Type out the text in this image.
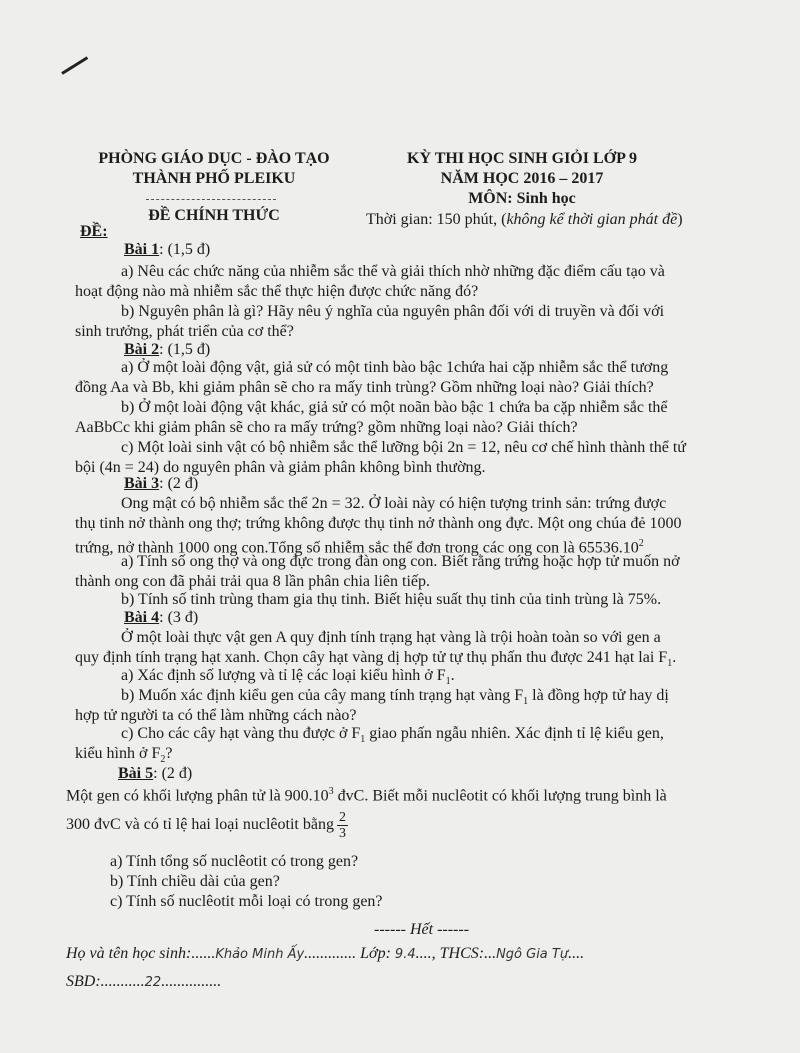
PHÒNG GIÁO DỤC - ĐÀO TẠO
THÀNH PHỐ PLEIKU
ĐỀ CHÍNH THỨC
ĐỀ:
KỲ THI HỌC SINH GIỎI LỚP 9
NĂM HỌC 2016 – 2017
MÔN: Sinh học
Thời gian: 150 phút, (không kể thời gian phát đề)
Bài 1: (1,5 đ)
a) Nêu các chức năng của nhiễm sắc thể và giải thích nhờ những đặc điểm cấu tạo và
hoạt động nào mà nhiễm sắc thể thực hiện được chức năng đó?
b) Nguyên phân là gì? Hãy nêu ý nghĩa của nguyên phân đối với di truyền và đối với
sinh trưởng, phát triển của cơ thể?
Bài 2: (1,5 đ)
a) Ở một loài động vật, giả sử có một tinh bào bậc 1chứa hai cặp nhiễm sắc thể tương
đồng Aa và Bb, khi giảm phân sẽ cho ra mấy tinh trùng? Gồm những loại nào? Giải thích?
b) Ở một loài động vật khác, giả sử có một noãn bào bậc 1 chứa ba cặp nhiễm sắc thể
AaBbCc khi giảm phân sẽ cho ra mấy trứng? gồm những loại nào? Giải thích?
c) Một loài sinh vật có bộ nhiễm sắc thể lưỡng bội 2n = 12, nêu cơ chế hình thành thể tứ
bội (4n = 24) do nguyên phân và giảm phân không bình thường.
Bài 3: (2 đ)
Ong mật có bộ nhiễm sắc thể 2n = 32. Ở loài này có hiện tượng trinh sản: trứng được
thụ tinh nở thành ong thợ; trứng không được thụ tinh nở thành ong đực. Một ong chúa đẻ 1000
trứng, nở thành 1000 ong con.Tổng số nhiễm sắc thể đơn trong các ong con là 65536.10$^2$
a) Tính số ong thợ và ong đực trong đàn ong con. Biết rằng trứng hoặc hợp tử muốn nở
thành ong con đã phải trải qua 8 lần phân chia liên tiếp.
b) Tính số tinh trùng tham gia thụ tinh. Biết hiệu suất thụ tinh của tinh trùng là 75%.
Bài 4: (3 đ)
Ở một loài thực vật gen A quy định tính trạng hạt vàng là trội hoàn toàn so với gen a
quy định tính trạng hạt xanh. Chọn cây hạt vàng dị hợp tử tự thụ phấn thu được 241 hạt lai $F_1$.
a) Xác định số lượng và tỉ lệ các loại kiểu hình ở $F_1$.
b) Muốn xác định kiểu gen của cây mang tính trạng hạt vàng $F_1$ là đồng hợp tử hay dị
hợp tử người ta có thể làm những cách nào?
c) Cho các cây hạt vàng thu được ở $F_1$ giao phấn ngẫu nhiên. Xác định tỉ lệ kiểu gen,
kiểu hình ở $F_2$?
Bài 5: (2 đ)
Một gen có khối lượng phân tử là 900.10$^3$ đvC. Biết mỗi nuclêotit có khối lượng trung bình là
300 đvC và có tỉ lệ hai loại nuclêotit bằng $\frac{2}{3}$
a) Tính tổng số nuclêotit có trong gen?
b) Tính chiều dài của gen?
c) Tính số nuclêotit mỗi loại có trong gen?
------ Hết ------
Họ và tên học sinh:......Khảo Minh Ấy............. Lớp: 9.4...., THCS:...Ngô Gia Tự....
SBD:...........22...............
